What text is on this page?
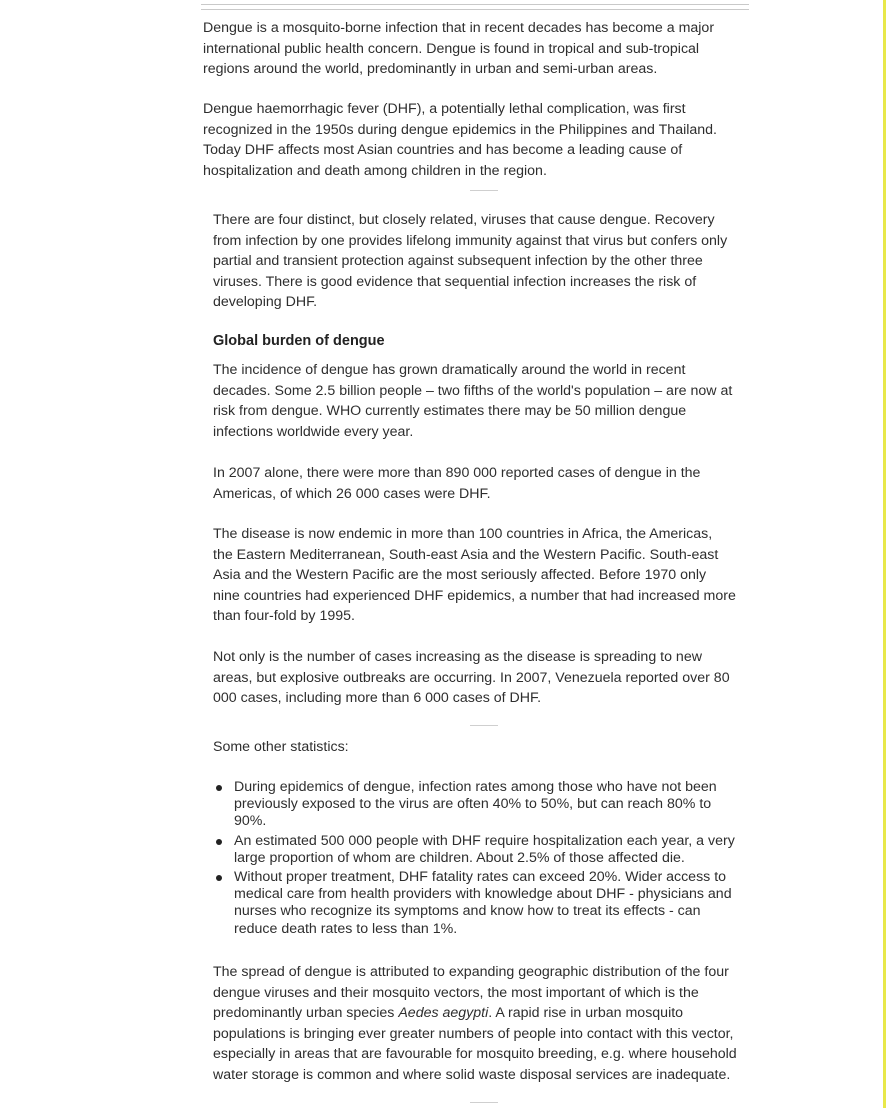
Dengue is a mosquito-borne infection that in recent decades has become a major
international public health concern. Dengue is found in tropical and sub-tropical
regions around the world, predominantly in urban and semi-urban areas.

Dengue haemorrhagic fever (DHF), a potentially lethal complication, was first
recognized in the 1950s during dengue epidemics in the Philippines and Thailand.
Today DHF affects most Asian countries and has become a leading cause of
hospitalization and death among children in the region.

There are four distinct, but closely related, viruses that cause dengue. Recovery
from infection by one provides lifelong immunity against that virus but confers only
partial and transient protection against subsequent infection by the other three
viruses. There is good evidence that sequential infection increases the risk of
developing DHF.

Global burden of dengue

The incidence of dengue has grown dramatically around the world in recent
decades. Some 2.5 billion people – two fifths of the world's population – are now at
risk from dengue. WHO currently estimates there may be 50 million dengue
infections worldwide every year.

In 2007 alone, there were more than 890 000 reported cases of dengue in the
Americas, of which 26 000 cases were DHF.

The disease is now endemic in more than 100 countries in Africa, the Americas,
the Eastern Mediterranean, South-east Asia and the Western Pacific. South-east
Asia and the Western Pacific are the most seriously affected. Before 1970 only
nine countries had experienced DHF epidemics, a number that had increased more
than four-fold by 1995.

Not only is the number of cases increasing as the disease is spreading to new
areas, but explosive outbreaks are occurring. In 2007, Venezuela reported over 80
000 cases, including more than 6 000 cases of DHF.

Some other statistics:

During epidemics of dengue, infection rates among those who have not been
previously exposed to the virus are often 40% to 50%, but can reach 80% to
90%.
An estimated 500 000 people with DHF require hospitalization each year, a very
large proportion of whom are children. About 2.5% of those affected die.
Without proper treatment, DHF fatality rates can exceed 20%. Wider access to
medical care from health providers with knowledge about DHF - physicians and
nurses who recognize its symptoms and know how to treat its effects - can
reduce death rates to less than 1%.

The spread of dengue is attributed to expanding geographic distribution of the four
dengue viruses and their mosquito vectors, the most important of which is the
predominantly urban species Aedes aegypti. A rapid rise in urban mosquito
populations is bringing ever greater numbers of people into contact with this vector,
especially in areas that are favourable for mosquito breeding, e.g. where household
water storage is common and where solid waste disposal services are inadequate.
